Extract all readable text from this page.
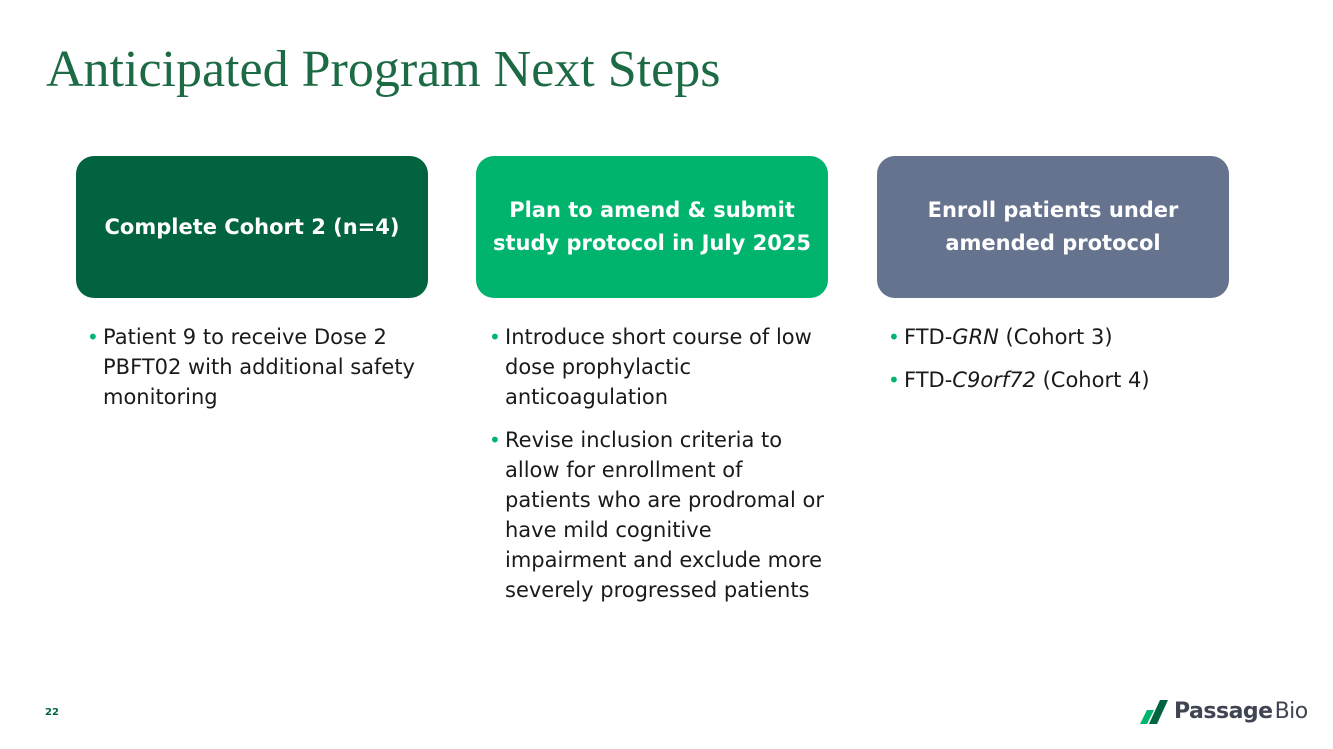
Anticipated Program Next Steps
Complete Cohort 2 (n=4)
Plan to amend & submit
study protocol in July 2025
Enroll patients under
amended protocol
• Patient 9 to receive Dose 2 PBFT02 with additional safety monitoring
• Introduce short course of low dose prophylactic anticoagulation
• Revise inclusion criteria to allow for enrollment of patients who are prodromal or have mild cognitive impairment and exclude more severely progressed patients
• FTD-GRN (Cohort 3)
• FTD-C9orf72 (Cohort 4)
22	PassageBio
